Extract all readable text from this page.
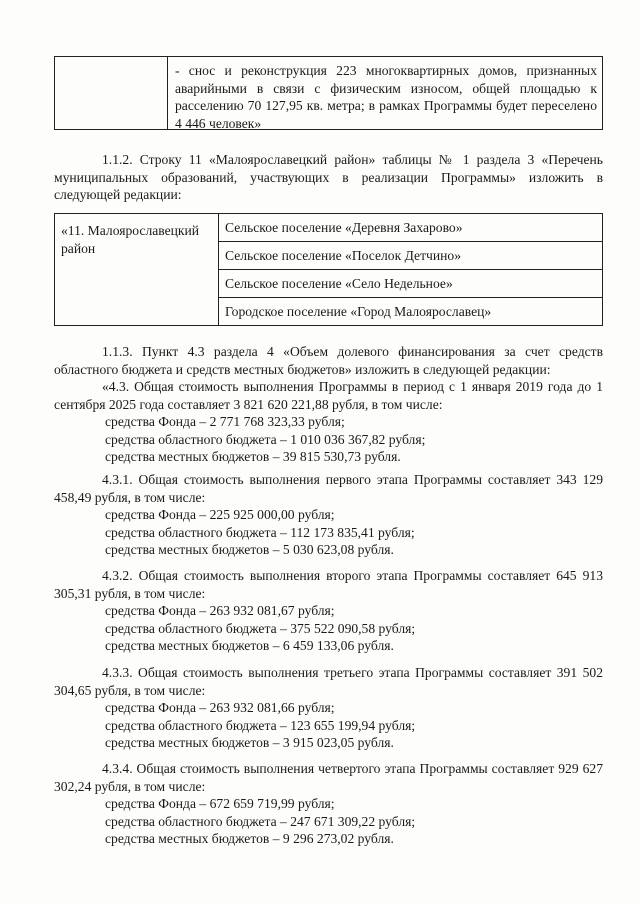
- снос и реконструкция 223 многоквартирных домов, признанных аварийными в связи с физическим износом, общей площадью к расселению 70 127,95 кв. метра; в рамках Программы будет переселено 4 446 человек»

1.1.2. Строку 11 «Малоярославецкий район» таблицы № 1 раздела 3 «Перечень муниципальных образований, участвующих в реализации Программы» изложить в следующей редакции:

«11. Малоярославецкий район
Сельское поселение «Деревня Захарово»
Сельское поселение «Поселок Детчино»
Сельское поселение «Село Недельное»
Городское поселение «Город Малоярославец»

1.1.3. Пункт 4.3 раздела 4 «Объем долевого финансирования за счет средств областного бюджета и средств местных бюджетов» изложить в следующей редакции:

«4.3. Общая стоимость выполнения Программы в период с 1 января 2019 года до 1 сентября 2025 года составляет 3 821 620 221,88 рубля, в том числе:

средства Фонда – 2 771 768 323,33 рубля;
средства областного бюджета – 1 010 036 367,82 рубля;
средства местных бюджетов – 39 815 530,73 рубля.

4.3.1. Общая стоимость выполнения первого этапа Программы составляет 343 129 458,49 рубля, в том числе:

средства Фонда – 225 925 000,00 рубля;
средства областного бюджета – 112 173 835,41 рубля;
средства местных бюджетов – 5 030 623,08 рубля.

4.3.2. Общая стоимость выполнения второго этапа Программы составляет 645 913 305,31 рубля, в том числе:

средства Фонда – 263 932 081,67 рубля;
средства областного бюджета – 375 522 090,58 рубля;
средства местных бюджетов – 6 459 133,06 рубля.

4.3.3. Общая стоимость выполнения третьего этапа Программы составляет 391 502 304,65 рубля, в том числе:

средства Фонда – 263 932 081,66 рубля;
средства областного бюджета – 123 655 199,94 рубля;
средства местных бюджетов – 3 915 023,05 рубля.

4.3.4. Общая стоимость выполнения четвертого этапа Программы составляет 929 627 302,24 рубля, в том числе:

средства Фонда – 672 659 719,99 рубля;
средства областного бюджета – 247 671 309,22 рубля;
средства местных бюджетов – 9 296 273,02 рубля.
